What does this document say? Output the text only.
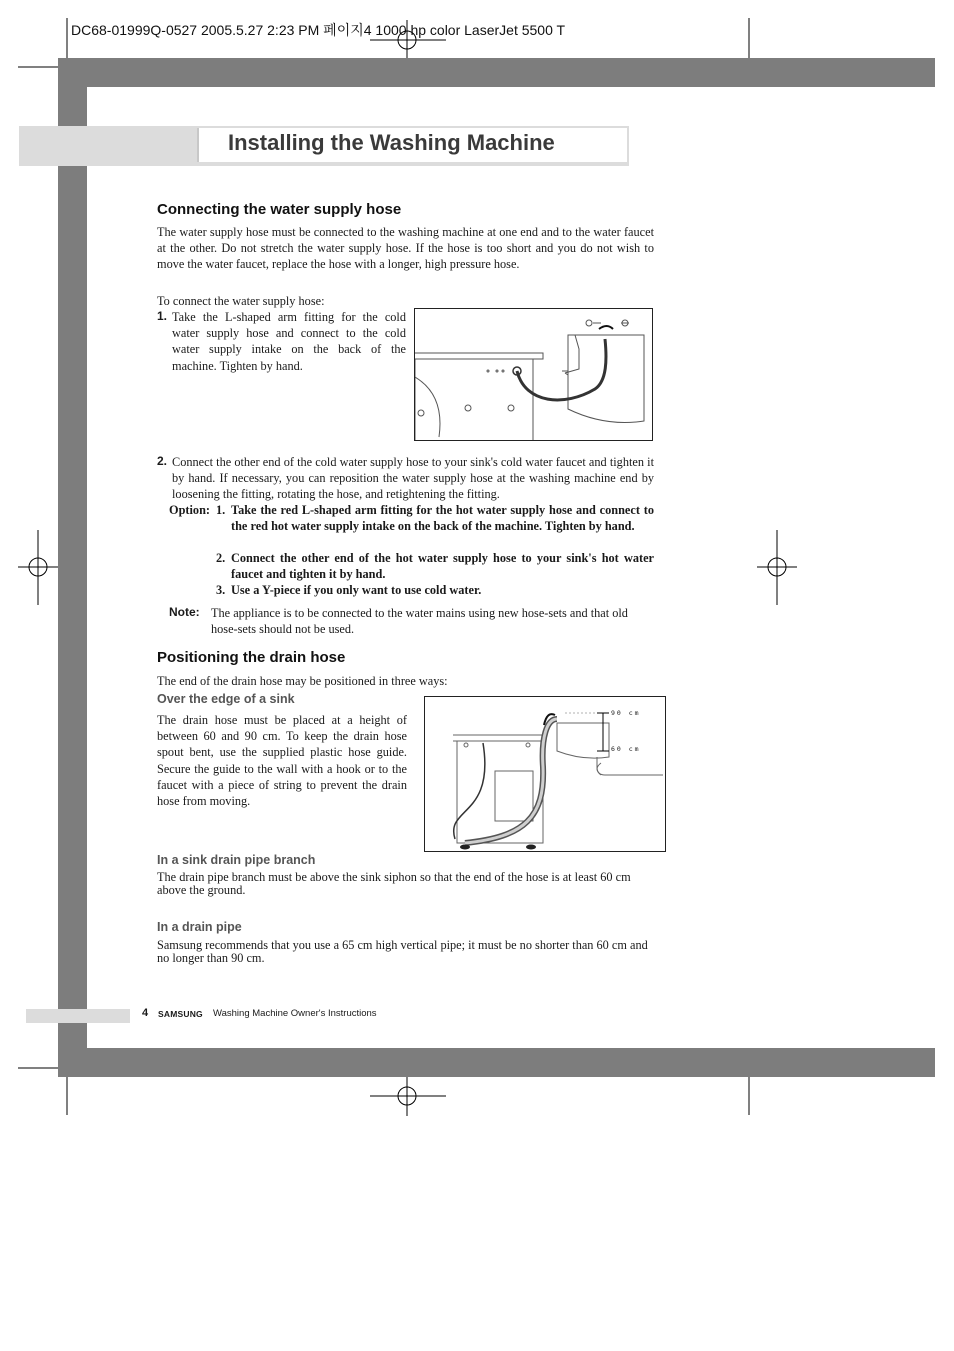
DC68-01999Q-0527 2005.5.27 2:23 PM 페이지4 1000 hp color LaserJet 5500 T
Installing the Washing Machine
Connecting the water supply hose
The water supply hose must be connected to the washing machine at one end and to the water faucet at the other. Do not stretch the water supply hose. If the hose is too short and you do not wish to move the water faucet, replace the hose with a longer, high pressure hose.
To connect the water supply hose:
1. Take the L-shaped arm fitting for the cold water supply hose and connect to the cold water supply intake on the back of the machine. Tighten by hand.
2. Connect the other end of the cold water supply hose to your sink's cold water faucet and tighten it by hand. If necessary, you can reposition the water supply hose at the washing machine end by loosening the fitting, rotating the hose, and retightening the fitting.
Option: 1. Take the red L-shaped arm fitting for the hot water supply hose and connect to the red hot water supply intake on the back of the machine. Tighten by hand.
2. Connect the other end of the hot water supply hose to your sink's hot water faucet and tighten it by hand.
3. Use a Y-piece if you only want to use cold water.
Note: The appliance is to be connected to the water mains using new hose-sets and that old hose-sets should not be used.
Positioning the drain hose
The end of the drain hose may be positioned in three ways:
Over the edge of a sink
The drain hose must be placed at a height of between 60 and 90 cm. To keep the drain hose spout bent, use the supplied plastic hose guide. Secure the guide to the wall with a hook or to the faucet with a piece of string to prevent the drain hose from moving.
90 cm
60 cm
In a sink drain pipe branch
The drain pipe branch must be above the sink siphon so that the end of the hose is at least 60 cm above the ground.
In a drain pipe
Samsung recommends that you use a 65 cm high vertical pipe; it must be no shorter than 60 cm and no longer than 90 cm.
4 SAMSUNG Washing Machine Owner's Instructions
